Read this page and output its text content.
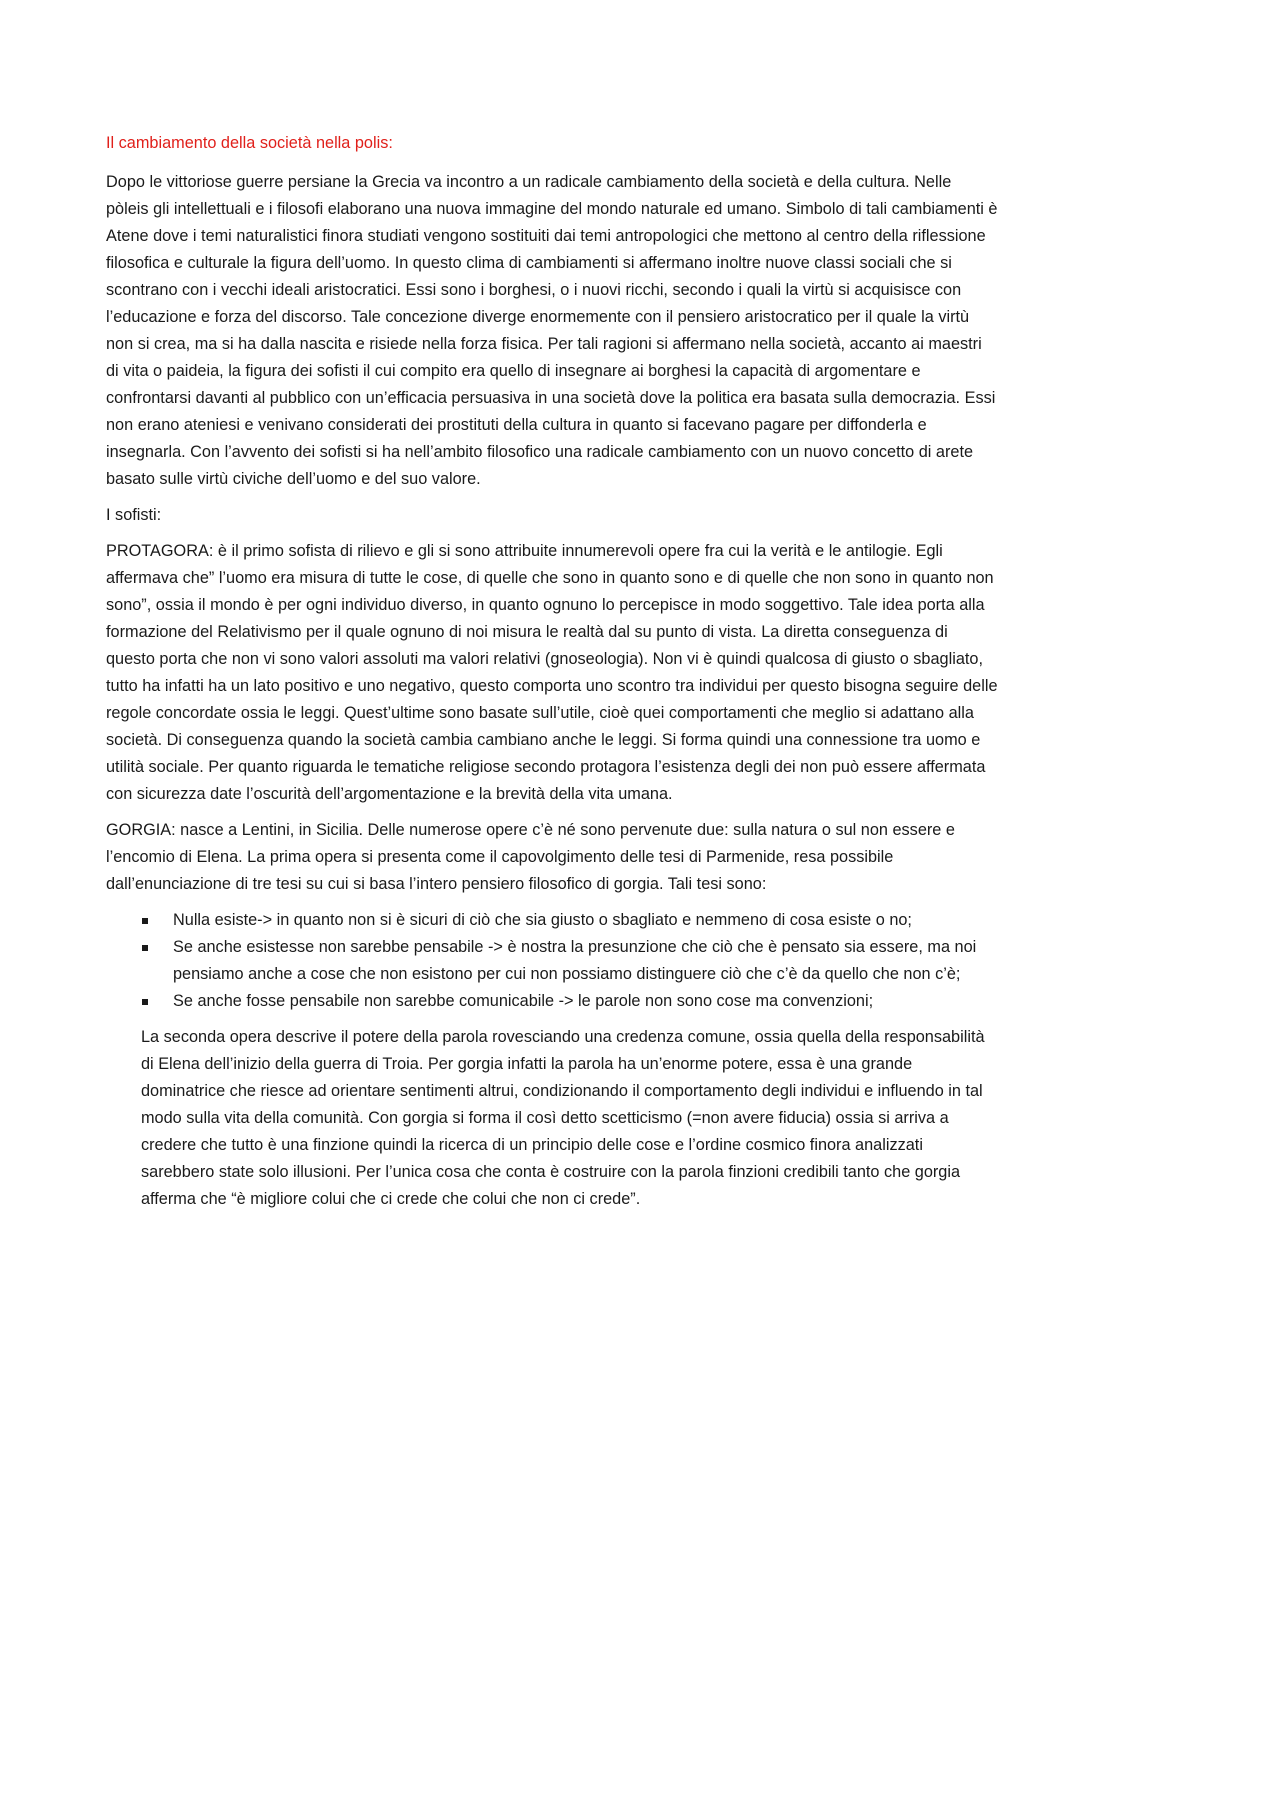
Il cambiamento della società nella polis:

Dopo le vittoriose guerre persiane la Grecia va incontro a un radicale cambiamento della società e della cultura. Nelle pòleis gli intellettuali e i filosofi elaborano una nuova immagine del mondo naturale ed umano. Simbolo di tali cambiamenti è Atene dove i temi naturalistici finora studiati vengono sostituiti dai temi antropologici che mettono al centro della riflessione filosofica e culturale la figura dell’uomo. In questo clima di cambiamenti si affermano inoltre nuove classi sociali che si scontrano con i vecchi ideali aristocratici. Essi sono i borghesi, o i nuovi ricchi, secondo i quali la virtù si acquisisce con l’educazione e forza del discorso. Tale concezione diverge enormemente con il pensiero aristocratico per il quale la virtù non si crea, ma si ha dalla nascita e risiede nella forza fisica. Per tali ragioni si affermano nella società, accanto ai maestri di vita o paideia, la figura dei sofisti il cui compito era quello di insegnare ai borghesi la capacità di argomentare e confrontarsi davanti al pubblico con un’efficacia persuasiva in una società dove la politica era basata sulla democrazia. Essi non erano ateniesi e venivano considerati dei prostituti della cultura in quanto si facevano pagare per diffonderla e insegnarla. Con l’avvento dei sofisti si ha nell’ambito filosofico una radicale cambiamento con un nuovo concetto di arete basato sulle virtù civiche dell’uomo e del suo valore.

I sofisti:

PROTAGORA: è il primo sofista di rilievo e gli si sono attribuite innumerevoli opere fra cui la verità e le antilogie. Egli affermava che” l’uomo era misura di tutte le cose, di quelle che sono in quanto sono e di quelle che non sono in quanto non sono”, ossia il mondo è per ogni individuo diverso, in quanto ognuno lo percepisce in modo soggettivo. Tale idea porta alla formazione del Relativismo per il quale ognuno di noi misura le realtà dal su punto di vista. La diretta conseguenza di questo porta che non vi sono valori assoluti ma valori relativi (gnoseologia). Non vi è quindi qualcosa di giusto o sbagliato, tutto ha infatti ha un lato positivo e uno negativo, questo comporta uno scontro tra individui per questo bisogna seguire delle regole concordate ossia le leggi. Quest’ultime sono basate sull’utile, cioè quei comportamenti che meglio si adattano alla società. Di conseguenza quando la società cambia cambiano anche le leggi. Si forma quindi una connessione tra uomo e utilità sociale. Per quanto riguarda le tematiche religiose secondo protagora l’esistenza degli dei non può essere affermata con sicurezza date l’oscurità dell’argomentazione e la brevità della vita umana.

GORGIA: nasce a Lentini, in Sicilia. Delle numerose opere c’è né sono pervenute due: sulla natura o sul non essere e l’encomio di Elena. La prima opera si presenta come il capovolgimento delle tesi di Parmenide, resa possibile dall’enunciazione di tre tesi su cui si basa l’intero pensiero filosofico di gorgia. Tali tesi sono:

Nulla esiste-> in quanto non si è sicuri di ciò che sia giusto o sbagliato e nemmeno di cosa esiste o no;
Se anche esistesse non sarebbe pensabile -> è nostra la presunzione che ciò che è pensato sia essere, ma noi pensiamo anche a cose che non esistono per cui non possiamo distinguere ciò che c’è da quello che non c’è;
Se anche fosse pensabile non sarebbe comunicabile -> le parole non sono cose ma convenzioni;

La seconda opera descrive il potere della parola rovesciando una credenza comune, ossia quella della responsabilità di Elena dell’inizio della guerra di Troia. Per gorgia infatti la parola ha un’enorme potere, essa è una grande dominatrice che riesce ad orientare sentimenti altrui, condizionando il comportamento degli individui e influendo in tal modo sulla vita della comunità. Con gorgia si forma il così detto scetticismo (=non avere fiducia) ossia si arriva a credere che tutto è una finzione quindi la ricerca di un principio delle cose e l’ordine cosmico finora analizzati sarebbero state solo illusioni. Per l’unica cosa che conta è costruire con la parola finzioni credibili tanto che gorgia afferma che “è migliore colui che ci crede che colui che non ci crede”.
